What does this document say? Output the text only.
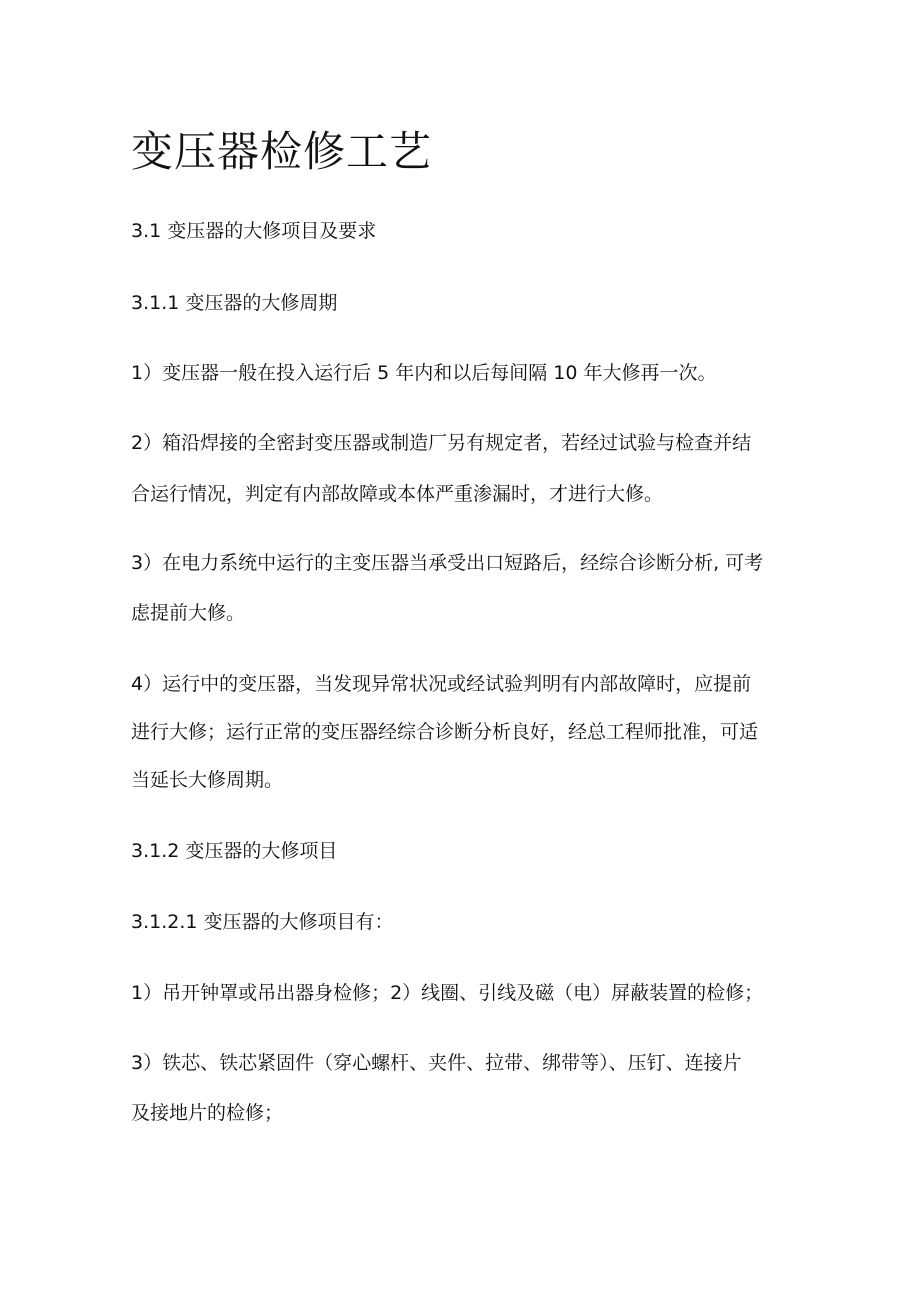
变压器检修工艺

3.1 变压器的大修项目及要求

3.1.1 变压器的大修周期

1）变压器一般在投入运行后 5 年内和以后每间隔 10 年大修再一次。

2）箱沿焊接的全密封变压器或制造厂另有规定者，若经过试验与检查并结

合运行情况，判定有内部故障或本体严重渗漏时，才进行大修。

3）在电力系统中运行的主变压器当承受出口短路后，经综合诊断分析, 可考

虑提前大修。

4）运行中的变压器，当发现异常状况或经试验判明有内部故障时，应提前

进行大修；运行正常的变压器经综合诊断分析良好，经总工程师批准，可适

当延长大修周期。

3.1.2 变压器的大修项目

3.1.2.1 变压器的大修项目有：

1）吊开钟罩或吊出器身检修；2）线圈、引线及磁（电）屏蔽装置的检修；

3）铁芯、铁芯紧固件（穿心螺杆、夹件、拉带、绑带等）、压钉、连接片

及接地片的检修；
